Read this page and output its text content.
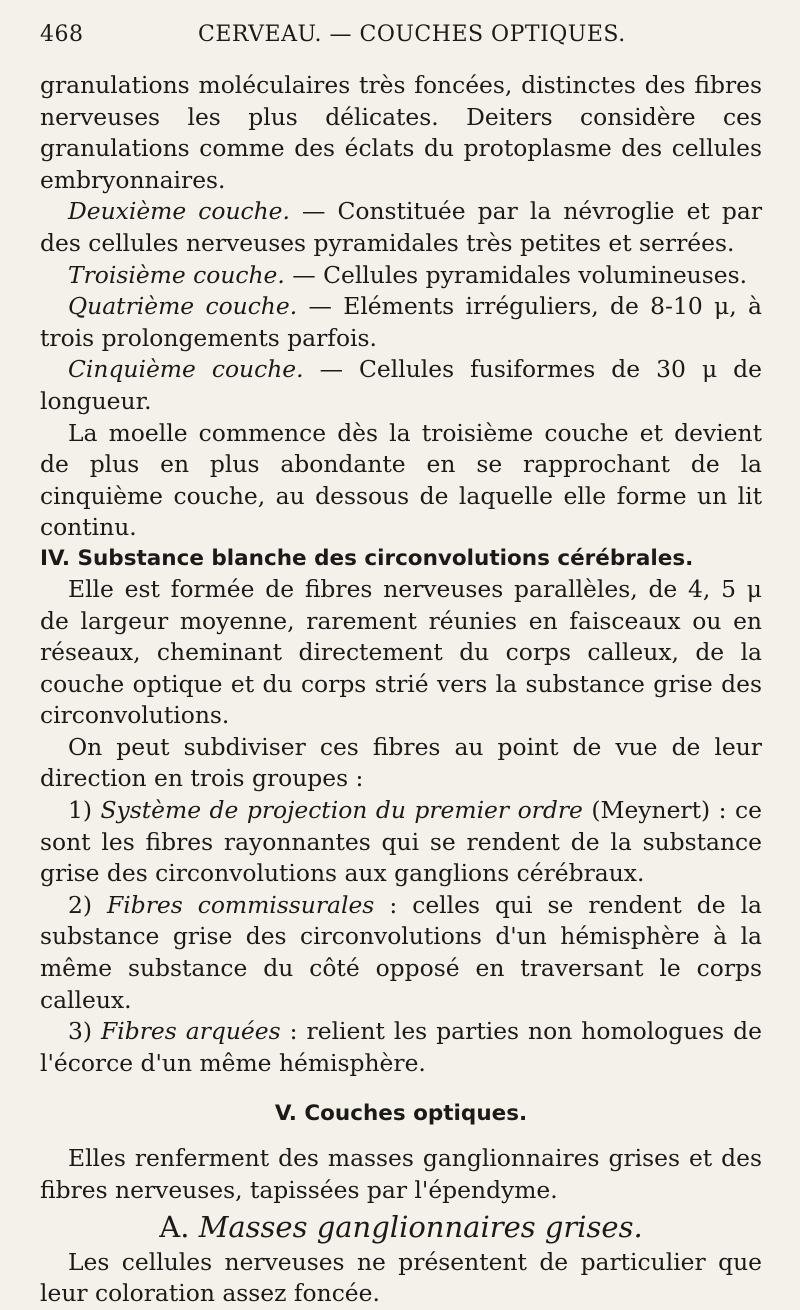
468	CERVEAU. — COUCHES OPTIQUES.

granulations moléculaires très foncées, distinctes des fibres nerveuses les plus délicates. Deiters considère ces granulations comme des éclats du protoplasme des cellules embryonnaires.

Deuxième couche. — Constituée par la névroglie et par des cellules nerveuses pyramidales très petites et serrées.

Troisième couche. — Cellules pyramidales volumineuses.

Quatrième couche. — Eléments irréguliers, de 8-10 μ, à trois prolongements parfois.

Cinquième couche. — Cellules fusiformes de 30 μ de longueur.

La moelle commence dès la troisième couche et devient de plus en plus abondante en se rapprochant de la cinquième couche, au dessous de laquelle elle forme un lit continu.

IV. Substance blanche des circonvolutions cérébrales.

Elle est formée de fibres nerveuses parallèles, de 4, 5 μ de largeur moyenne, rarement réunies en faisceaux ou en réseaux, cheminant directement du corps calleux, de la couche optique et du corps strié vers la substance grise des circonvolutions.

On peut subdiviser ces fibres au point de vue de leur direction en trois groupes :

1) Système de projection du premier ordre (Meynert) : ce sont les fibres rayonnantes qui se rendent de la substance grise des circonvolutions aux ganglions cérébraux.

2) Fibres commissurales : celles qui se rendent de la substance grise des circonvolutions d'un hémisphère à la même substance du côté opposé en traversant le corps calleux.

3) Fibres arquées : relient les parties non homologues de l'écorce d'un même hémisphère.

V. Couches optiques.

Elles renferment des masses ganglionnaires grises et des fibres nerveuses, tapissées par l'épendyme.

A. Masses ganglionnaires grises.

Les cellules nerveuses ne présentent de particulier que leur coloration assez foncée.
